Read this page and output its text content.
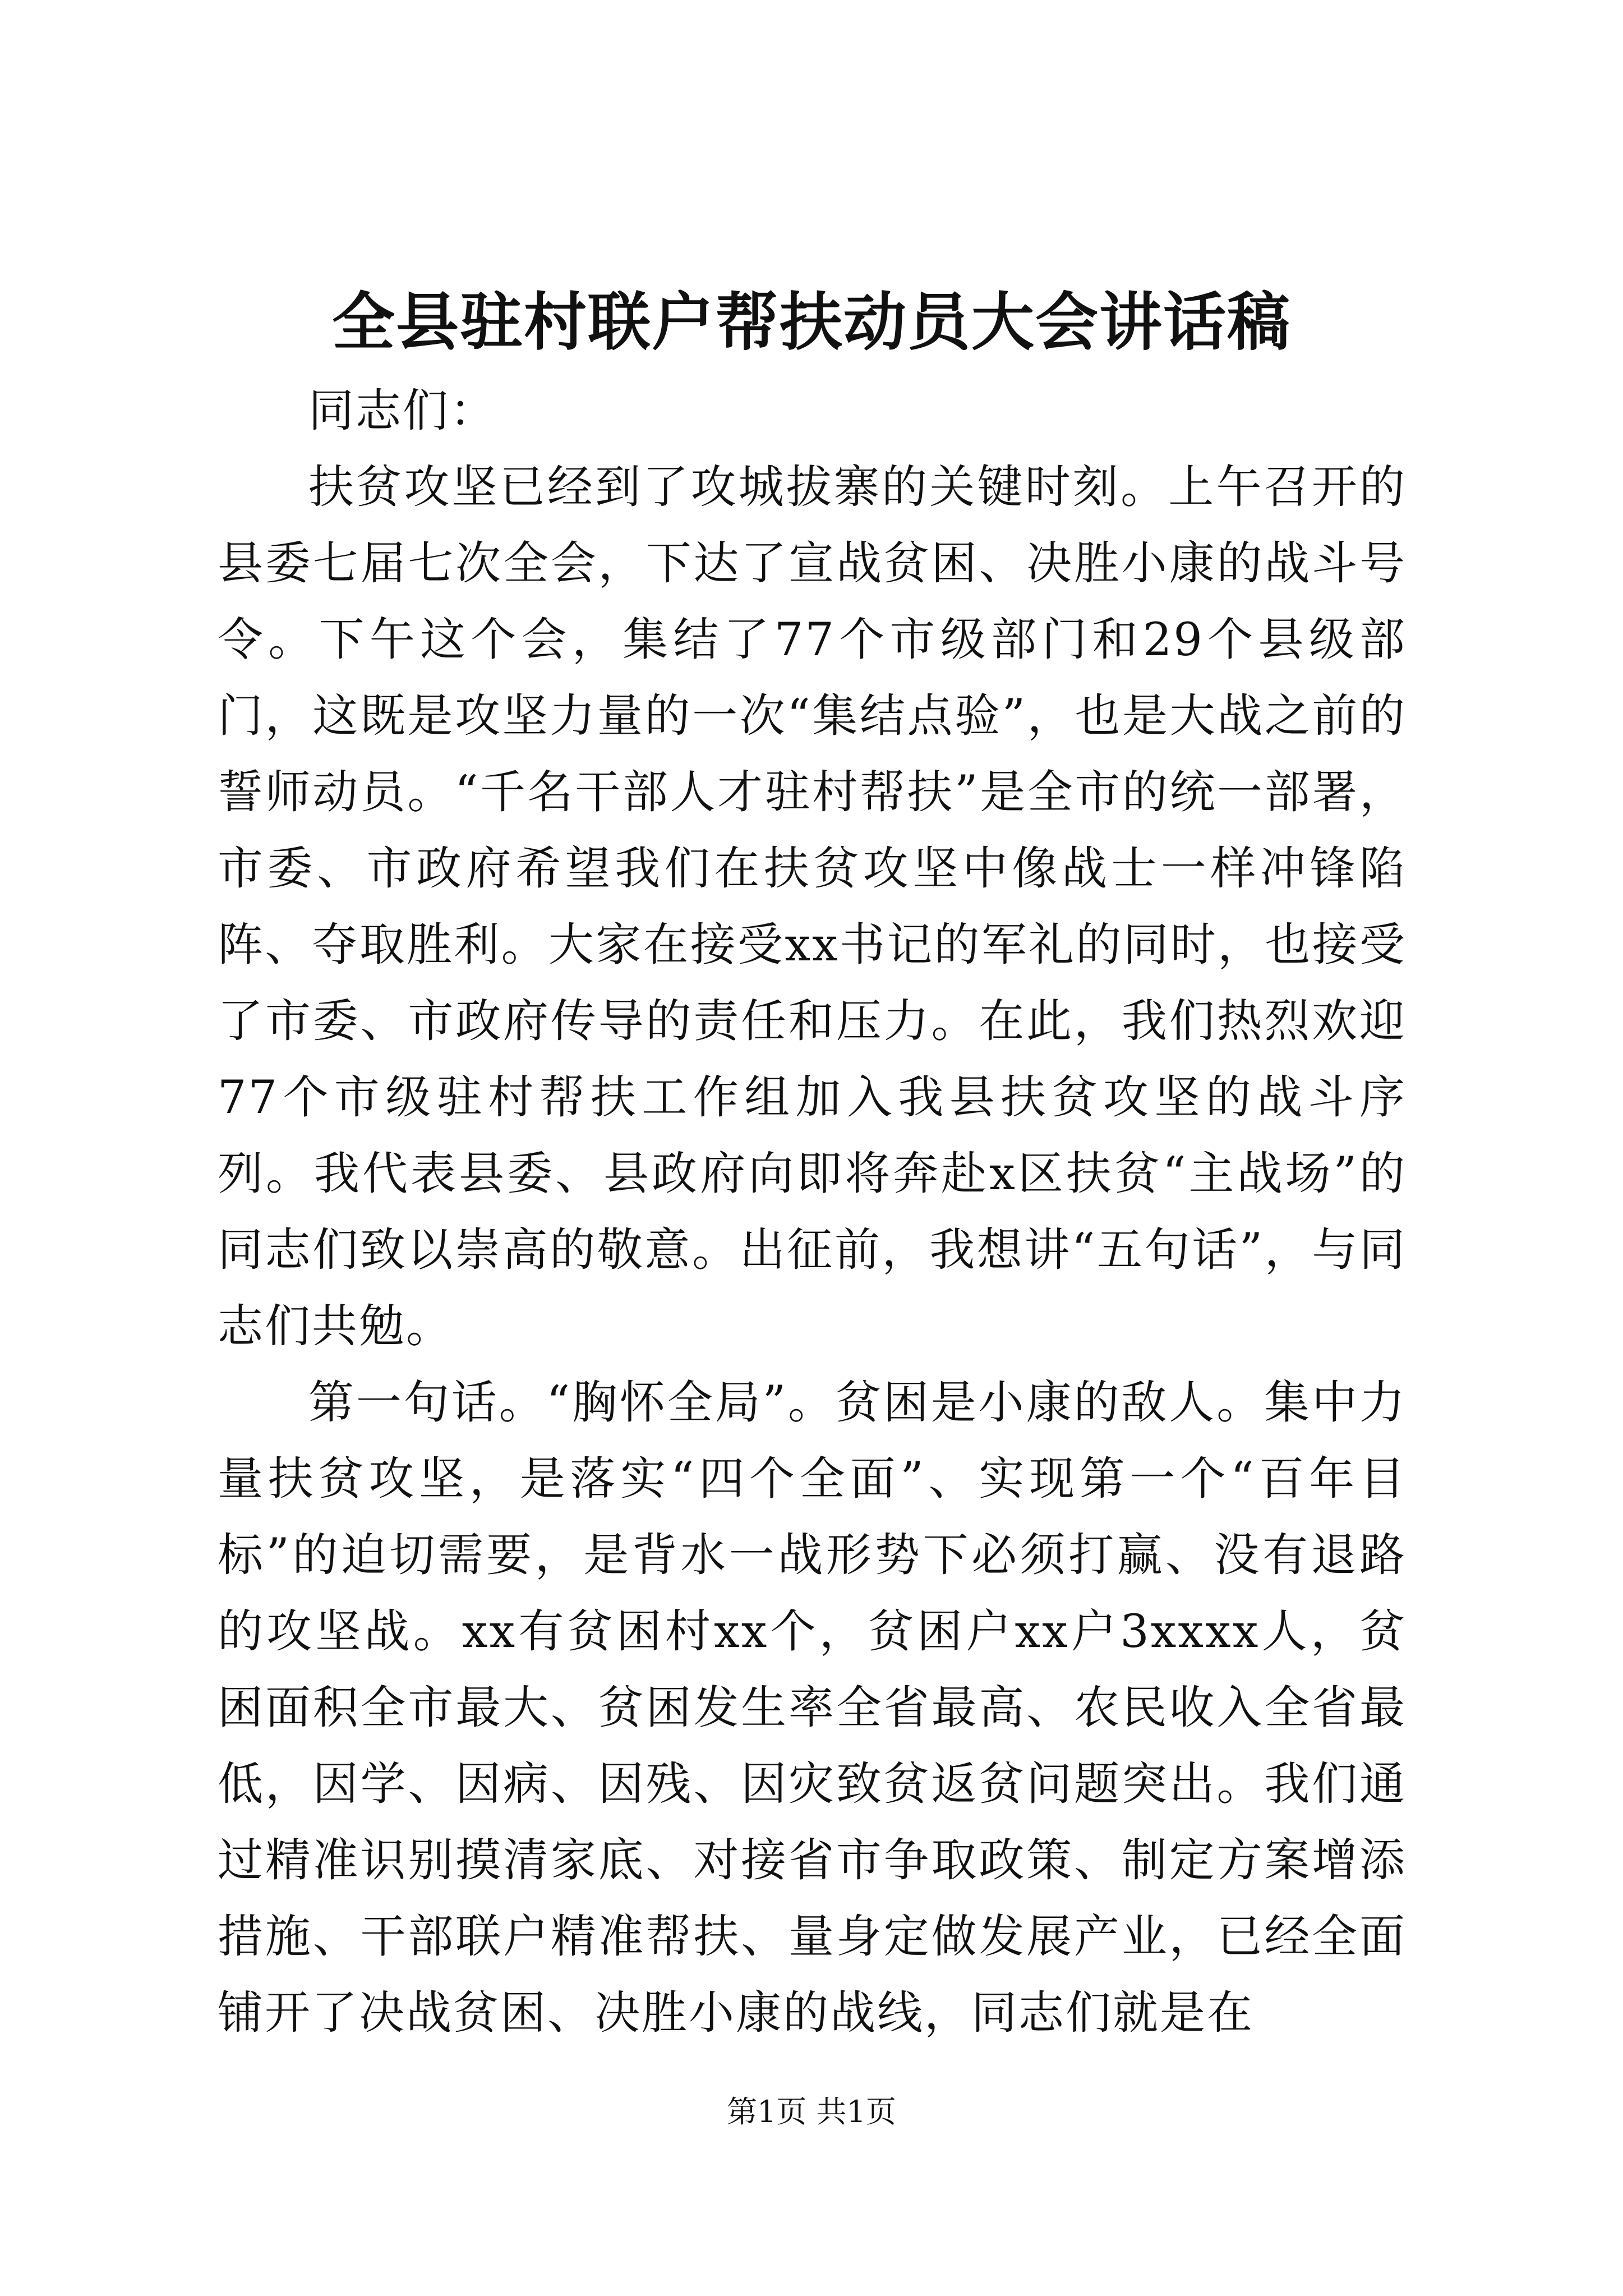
全县驻村联户帮扶动员大会讲话稿

同志们：

扶贫攻坚已经到了攻城拔寨的关键时刻。上午召开的县委七届七次全会，下达了宣战贫困、决胜小康的战斗号令。下午这个会，集结了77个市级部门和29个县级部门，这既是攻坚力量的一次“集结点验”，也是大战之前的誓师动员。“千名干部人才驻村帮扶”是全市的统一部署，市委、市政府希望我们在扶贫攻坚中像战士一样冲锋陷阵、夺取胜利。大家在接受xx书记的军礼的同时，也接受了市委、市政府传导的责任和压力。在此，我们热烈欢迎77个市级驻村帮扶工作组加入我县扶贫攻坚的战斗序列。我代表县委、县政府向即将奔赴x区扶贫“主战场”的同志们致以崇高的敬意。出征前，我想讲“五句话”，与同志们共勉。

第一句话。“胸怀全局”。贫困是小康的敌人。集中力量扶贫攻坚，是落实“四个全面”、实现第一个“百年目标”的迫切需要，是背水一战形势下必须打赢、没有退路的攻坚战。xx有贫困村xx个，贫困户xx户3xxxx人，贫困面积全市最大、贫困发生率全省最高、农民收入全省最低，因学、因病、因残、因灾致贫返贫问题突出。我们通过精准识别摸清家底、对接省市争取政策、制定方案增添措施、干部联户精准帮扶、量身定做发展产业，已经全面铺开了决战贫困、决胜小康的战线，同志们就是在

第1页 共1页
